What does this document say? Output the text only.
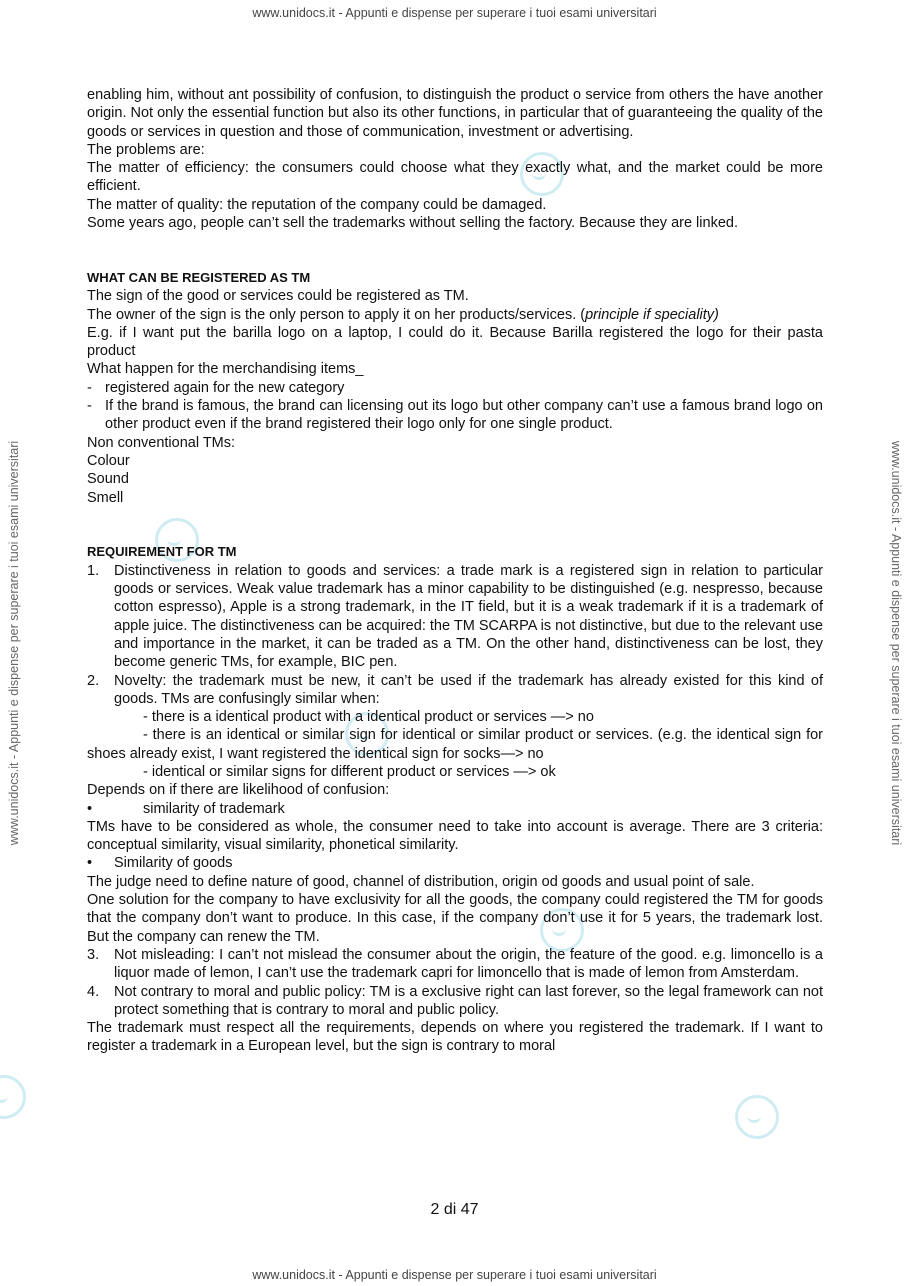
www.unidocs.it - Appunti e dispense per superare i tuoi esami universitari
www.unidocs.it - Appunti e dispense per superare i tuoi esami universitari	www.unidocs.it - Appunti e dispense per superare i tuoi esami universitari

enabling him, without ant possibility of confusion, to distinguish the product o service from others the have another origin. Not only the essential function but also its other functions, in particular that of guaranteeing the quality of the goods or services in question and those of communication, investment or advertising.

The problems are:

The matter of efficiency: the consumers could choose what they exactly what, and the market could be more efficient.

The matter of quality: the reputation of the company could be damaged.

Some years ago, people can’t sell the trademarks without selling the factory. Because they are linked.

WHAT CAN BE REGISTERED AS TM

The sign of the good or services could be registered as TM.

The owner of the sign is the only person to apply it on her products/services. (principle if speciality)

E.g. if I want put the barilla logo on a laptop, I could do it. Because Barilla registered the logo for their pasta product

What happen for the merchandising items_

- registered again for the new category

- If the brand is famous, the brand can licensing out its logo but other company can’t use a famous brand logo on other product even if the brand registered their logo only for one single product.

Non conventional TMs:

Colour

Sound

Smell

REQUIREMENT FOR TM

1. Distinctiveness in relation to goods and services: a trade mark is a registered sign in relation to particular goods or services. Weak value trademark has a minor capability to be distinguished (e.g. nespresso, because cotton espresso), Apple is a strong trademark, in the IT field, but it is a weak trademark if it is a trademark of apple juice. The distinctiveness can be acquired: the TM SCARPA is not distinctive, but due to the relevant use and importance in the market, it can be traded as a TM. On the other hand, distinctiveness can be lost, they become generic TMs, for example, BIC pen.

2. Novelty: the trademark must be new, it can’t be used if the trademark has already existed for this kind of goods. TMs are confusingly similar when:

- there is a identical product with a identical product or services —> no

- there is an identical or similar sign for identical or similar product or services. (e.g. the identical sign for shoes already exist, I want registered the identical sign for socks—> no

- identical or similar signs for different product or services —> ok

Depends on if there are likelihood of confusion:

•	similarity of trademark

TMs have to be considered as whole, the consumer need to take into account is average. There are 3 criteria: conceptual similarity, visual similarity, phonetical similarity.

• Similarity of goods

The judge need to define nature of good, channel of distribution, origin od goods and usual point of sale.

One solution for the company to have exclusivity for all the goods, the company could registered the TM for goods that the company don’t want to produce. In this case, if the company don’t use it for 5 years, the trademark lost. But the company can renew the TM.

3. Not misleading: I can’t not mislead the consumer about the origin, the feature of the good. e.g. limoncello is a liquor made of lemon, I can’t use the trademark capri for limoncello that is made of lemon from Amsterdam.

4. Not contrary to moral and public policy: TM is a exclusive right can last forever, so the legal framework can not protect something that is contrary to moral and public policy.

The trademark must respect all the requirements, depends on where you registered the trademark. If I want to register a trademark in a European level, but the sign is contrary to moral

2 di 47
www.unidocs.it - Appunti e dispense per superare i tuoi esami universitari
